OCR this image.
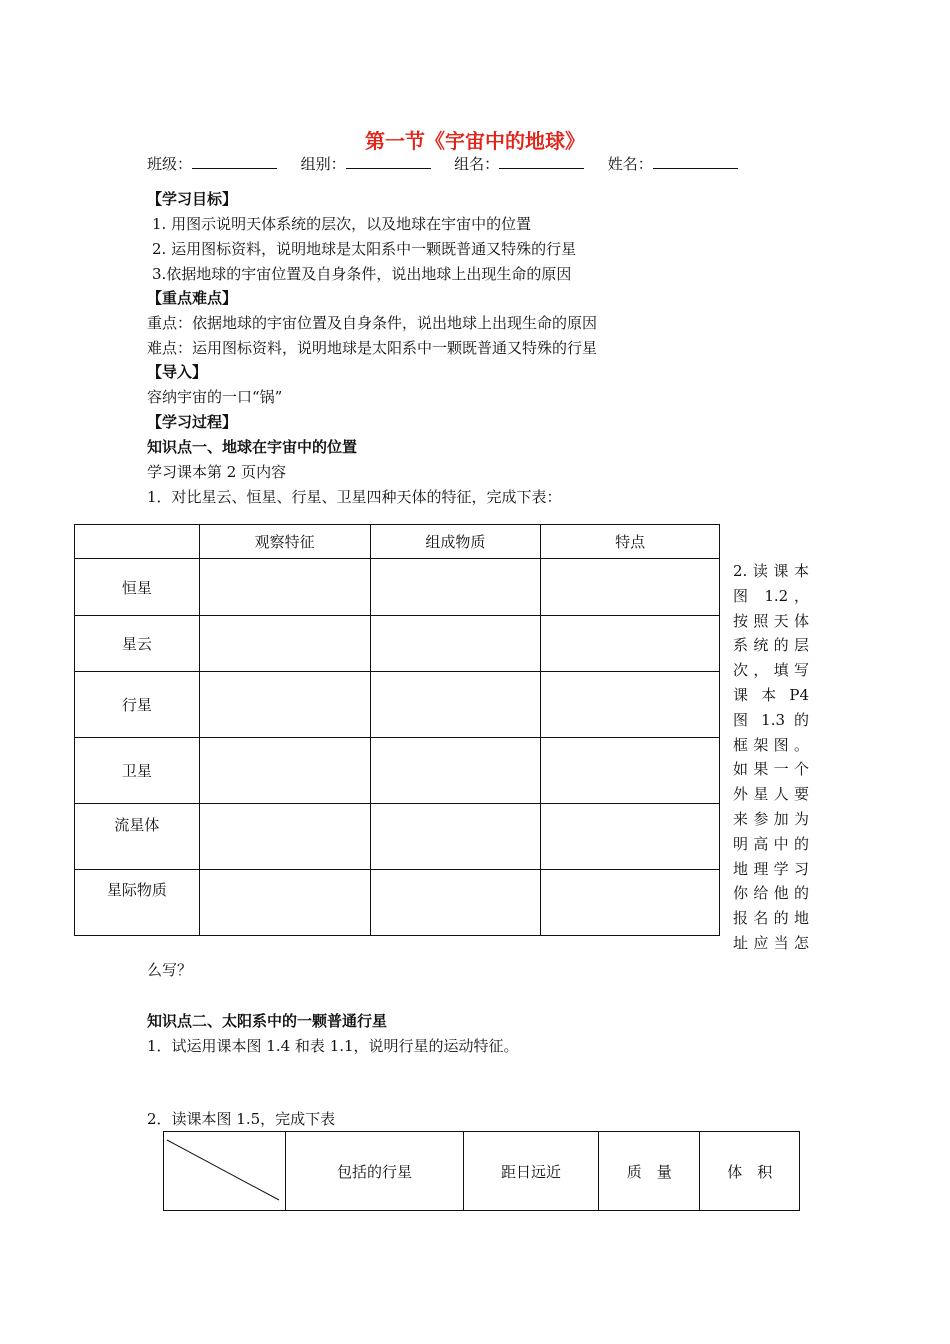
第一节《宇宙中的地球》
班级：	组别：	组名：	姓名：
【学习目标】
1. 用图示说明天体系统的层次，以及地球在宇宙中的位置
2. 运用图标资料，说明地球是太阳系中一颗既普通又特殊的行星
3.依据地球的宇宙位置及自身条件，说出地球上出现生命的原因
【重点难点】
重点：依据地球的宇宙位置及自身条件，说出地球上出现生命的原因
难点：运用图标资料，说明地球是太阳系中一颗既普通又特殊的行星
【导入】
容纳宇宙的一口“锅”
【学习过程】
知识点一、地球在宇宙中的位置
学习课本第 2 页内容
1．对比星云、恒星、行星、卫星四种天体的特征，完成下表：
	观察特征	组成物质	特点
恒星			
星云			
行星			
卫星			
流星体			
星际物质			
2.读课本
图 1.2，
按照天体
系统的层
次，填写
课 本 P4
图 1.3 的
框架图。
如果一个
外星人要
来参加为
明高中的
地理学习
你给他的
报名的地
址应当怎
么写？
知识点二、太阳系中的一颗普通行星
1．试运用课本图 1.4 和表 1.1，说明行星的运动特征。
2．读课本图 1.5，完成下表
	包括的行星	距日远近	质　量	体　积
